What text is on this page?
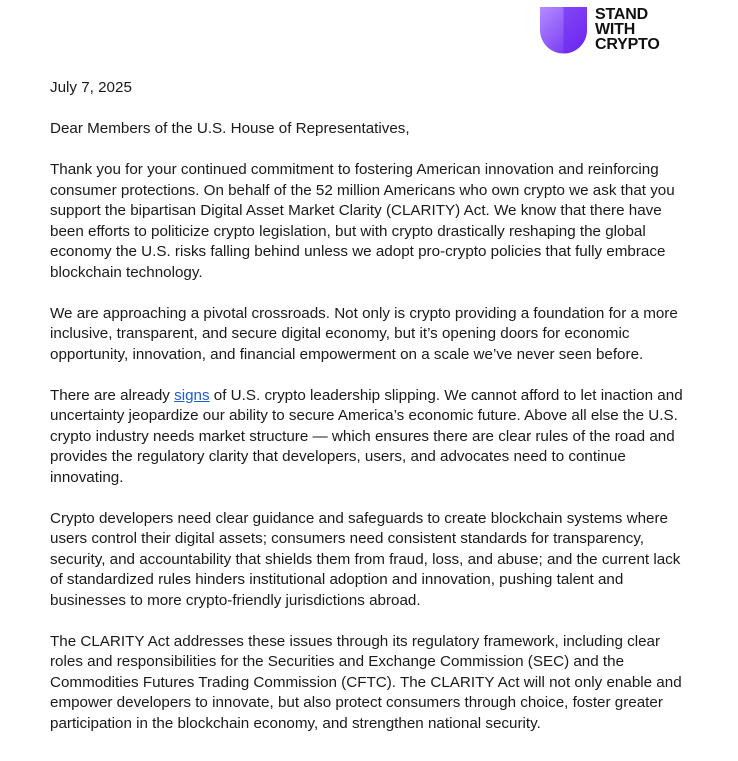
STAND
WITH
CRYPTO

July 7, 2025

Dear Members of the U.S. House of Representatives,

Thank you for your continued commitment to fostering American innovation and reinforcing consumer protections. On behalf of the 52 million Americans who own crypto we ask that you support the bipartisan Digital Asset Market Clarity (CLARITY) Act. We know that there have been efforts to politicize crypto legislation, but with crypto drastically reshaping the global economy the U.S. risks falling behind unless we adopt pro-crypto policies that fully embrace blockchain technology.

We are approaching a pivotal crossroads. Not only is crypto providing a foundation for a more inclusive, transparent, and secure digital economy, but it’s opening doors for economic opportunity, innovation, and financial empowerment on a scale we’ve never seen before.

There are already signs of U.S. crypto leadership slipping. We cannot afford to let inaction and uncertainty jeopardize our ability to secure America’s economic future. Above all else the U.S. crypto industry needs market structure — which ensures there are clear rules of the road and provides the regulatory clarity that developers, users, and advocates need to continue innovating.

Crypto developers need clear guidance and safeguards to create blockchain systems where users control their digital assets; consumers need consistent standards for transparency, security, and accountability that shields them from fraud, loss, and abuse; and the current lack of standardized rules hinders institutional adoption and innovation, pushing talent and businesses to more crypto-friendly jurisdictions abroad.

The CLARITY Act addresses these issues through its regulatory framework, including clear roles and responsibilities for the Securities and Exchange Commission (SEC) and the Commodities Futures Trading Commission (CFTC). The CLARITY Act will not only enable and empower developers to innovate, but also protect consumers through choice, foster greater participation in the blockchain economy, and strengthen national security.
